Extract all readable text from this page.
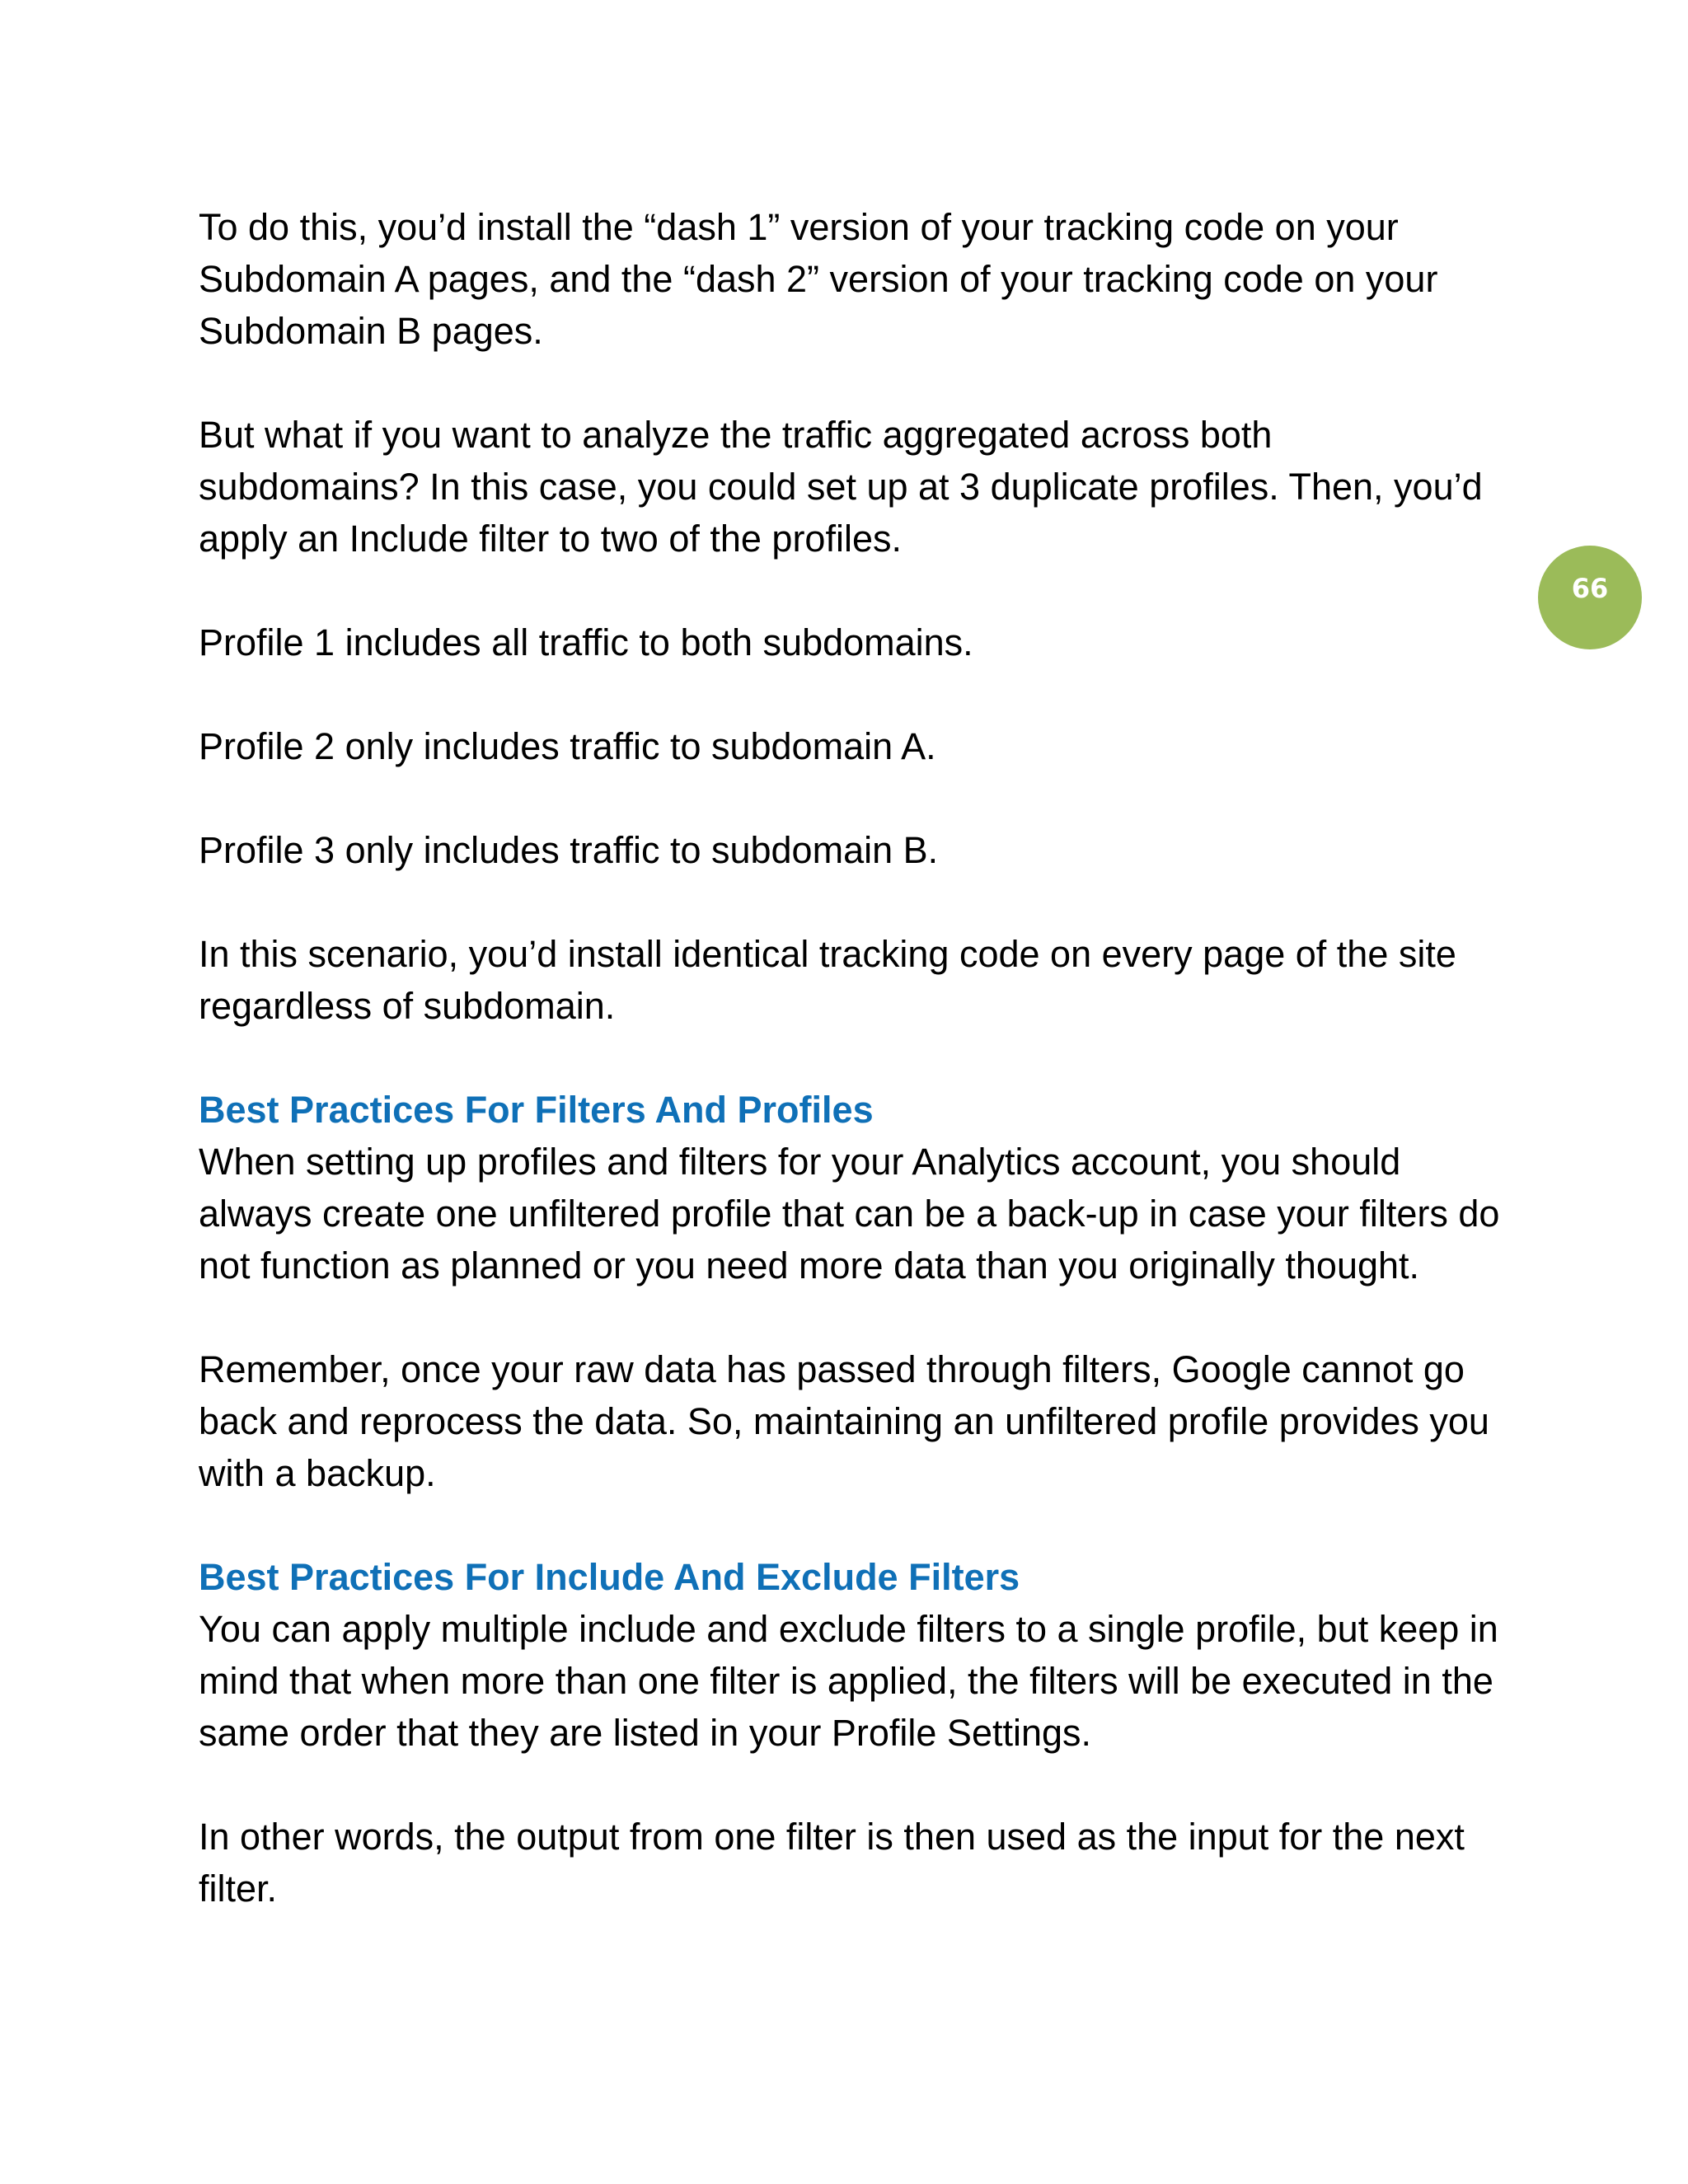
To do this, you’d install the “dash 1” version of your tracking code on your Subdomain A pages, and the “dash 2” version of your tracking code on your Subdomain B pages.

But what if you want to analyze the traffic aggregated across both subdomains? In this case, you could set up at 3 duplicate profiles. Then, you’d apply an Include filter to two of the profiles.

Profile 1 includes all traffic to both subdomains.

Profile 2 only includes traffic to subdomain A.

Profile 3 only includes traffic to subdomain B.

In this scenario, you’d install identical tracking code on every page of the site regardless of subdomain.

Best Practices For Filters And Profiles

When setting up profiles and filters for your Analytics account, you should always create one unfiltered profile that can be a back-up in case your filters do not function as planned or you need more data than you originally thought.

Remember, once your raw data has passed through filters, Google cannot go back and reprocess the data. So, maintaining an unfiltered profile provides you with a backup.

Best Practices For Include And Exclude Filters

You can apply multiple include and exclude filters to a single profile, but keep in mind that when more than one filter is applied, the filters will be executed in the same order that they are listed in your Profile Settings.

In other words, the output from one filter is then used as the input for the next filter.

66
